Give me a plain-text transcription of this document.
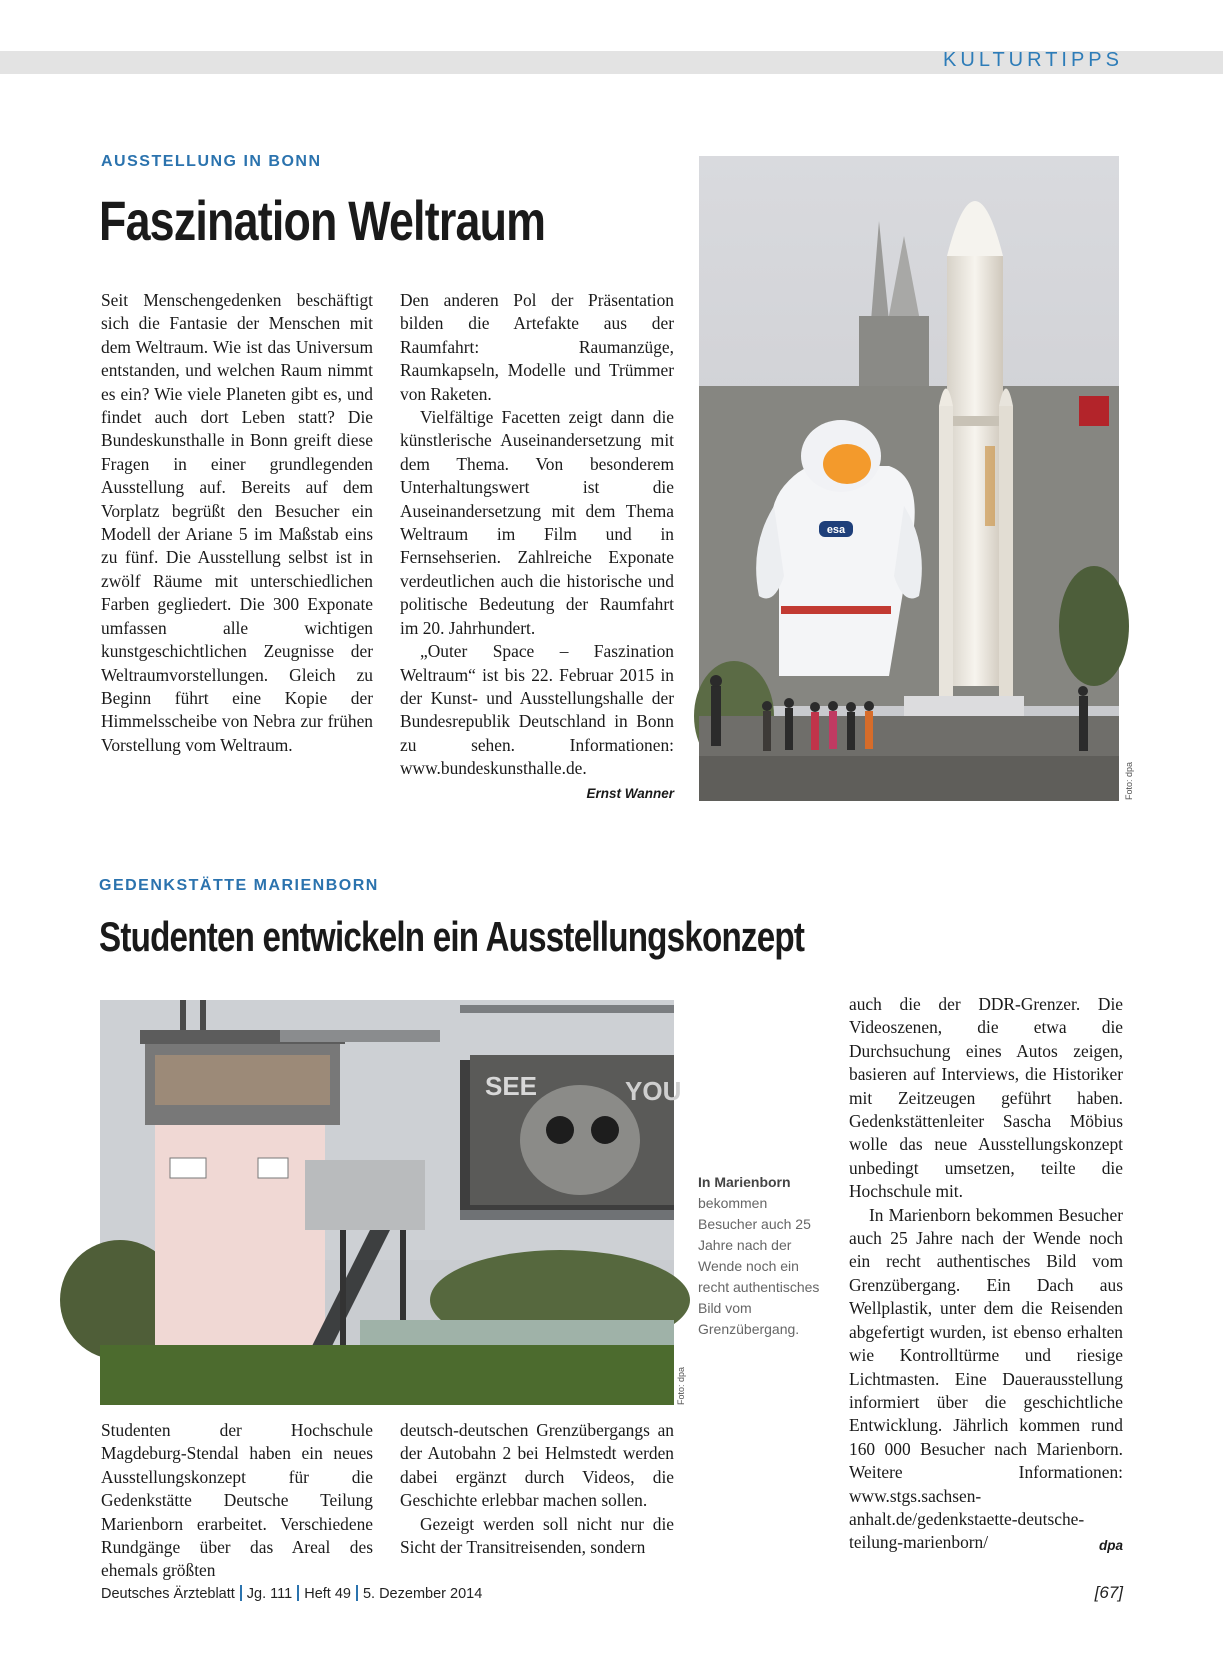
KULTURTIPPS
AUSSTELLUNG IN BONN
Faszination Weltraum

Seit Menschengedenken beschäftigt sich die Fantasie der Menschen mit dem Weltraum. Wie ist das Universum entstanden, und welchen Raum nimmt es ein? Wie viele Planeten gibt es, und findet auch dort Leben statt? Die Bundeskunsthalle in Bonn greift diese Fragen in einer grundlegenden Ausstellung auf. Bereits auf dem Vorplatz begrüßt den Besucher ein Modell der Ariane 5 im Maßstab eins zu fünf. Die Ausstellung selbst ist in zwölf Räume mit unterschiedlichen Farben gegliedert. Die 300 Exponate umfassen alle wichtigen kunstgeschichtlichen Zeugnisse der Weltraumvorstellungen. Gleich zu Beginn führt eine Kopie der Himmelsscheibe von Nebra zur frühen Vorstellung vom Weltraum.

Den anderen Pol der Präsentation bilden die Artefakte aus der Raumfahrt: Raumanzüge, Raumkapseln, Modelle und Trümmer von Raketen.

Vielfältige Facetten zeigt dann die künstlerische Auseinandersetzung mit dem Thema. Von besonderem Unterhaltungswert ist die Auseinandersetzung mit dem Thema Weltraum im Film und in Fernsehserien. Zahlreiche Exponate verdeutlichen auch die historische und politische Bedeutung der Raumfahrt im 20. Jahrhundert.

„Outer Space – Faszination Weltraum“ ist bis 22. Februar 2015 in der Kunst- und Ausstellungshalle der Bundesrepublik Deutschland in Bonn zu sehen. Informationen: www.bundeskunsthalle.de.

Ernst Wanner
esa
Foto: dpa
GEDENKSTÄTTE MARIENBORN
Studenten entwickeln ein Ausstellungskonzept
SEE	YOU
Foto: dpa
In Marienborn bekommen Besucher auch 25 Jahre nach der Wende noch ein recht authentisches Bild vom Grenzübergang.

Studenten der Hochschule Magdeburg-Stendal haben ein neues Ausstellungskonzept für die Gedenkstätte Deutsche Teilung Marienborn erarbeitet. Verschiedene Rundgänge über das Areal des ehemals größten

deutsch-deutschen Grenzübergangs an der Autobahn 2 bei Helmstedt werden dabei ergänzt durch Videos, die Geschichte erlebbar machen sollen.

Gezeigt werden soll nicht nur die Sicht der Transitreisenden, sondern

auch die der DDR-Grenzer. Die Videoszenen, die etwa die Durchsuchung eines Autos zeigen, basieren auf Interviews, die Historiker mit Zeitzeugen geführt haben. Gedenkstättenleiter Sascha Möbius wolle das neue Ausstellungskonzept unbedingt umsetzen, teilte die Hochschule mit.

In Marienborn bekommen Besucher auch 25 Jahre nach der Wende noch ein recht authentisches Bild vom Grenzübergang. Ein Dach aus Wellplastik, unter dem die Reisenden abgefertigt wurden, ist ebenso erhalten wie Kontrolltürme und riesige Lichtmasten. Eine Dauerausstellung informiert über die geschichtliche Entwicklung. Jährlich kommen rund 160 000 Besucher nach Marienborn. Weitere Informationen: www.stgs.sachsen-anhalt.de/gedenkstaette-deutsche-teilung-marienborn/	dpa
Deutsches Ärzteblatt Jg. 111 Heft 49 5. Dezember 2014	[67]
